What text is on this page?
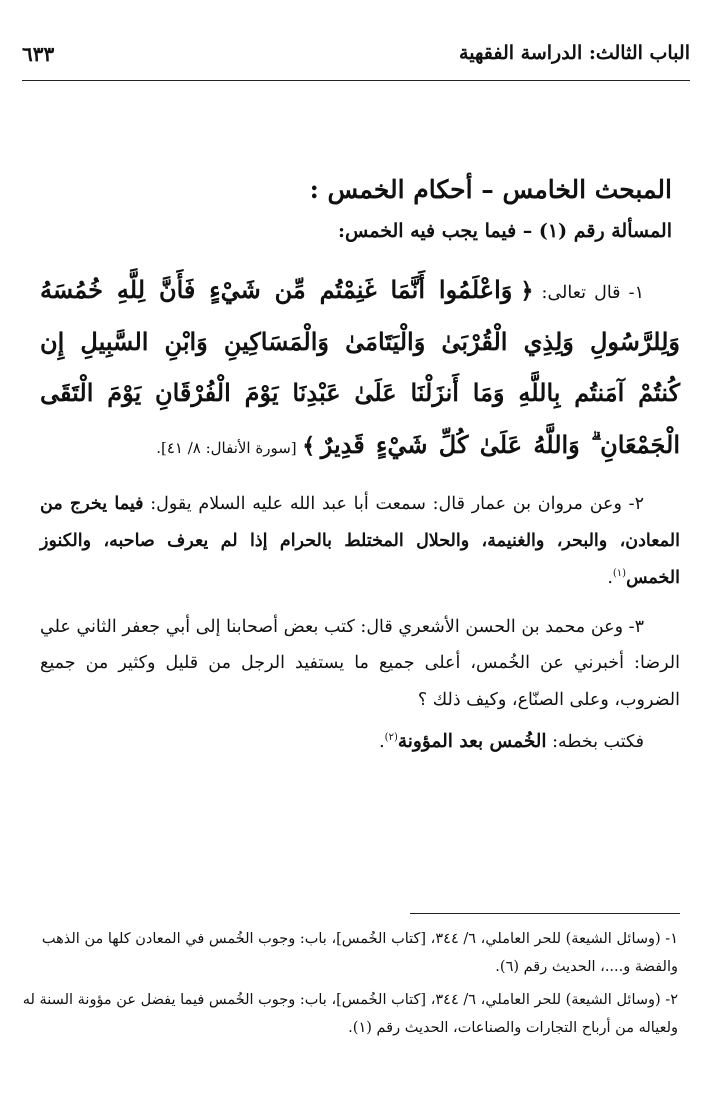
الباب الثالث: الدراسة الفقهية
٦٣٣
المبحث الخامس – أحكام الخمس :
المسألة رقم (١) – فيما يجب فيه الخمس:

١- قال تعالى: ﴿ وَاعْلَمُوا أَنَّمَا غَنِمْتُم مِّن شَيْءٍ فَأَنَّ لِلَّهِ خُمُسَهُ وَلِلرَّسُولِ وَلِذِي الْقُرْبَىٰ وَالْيَتَامَىٰ وَالْمَسَاكِينِ وَابْنِ السَّبِيلِ إِن كُنتُمْ آمَنتُم بِاللَّهِ وَمَا أَنزَلْنَا عَلَىٰ عَبْدِنَا يَوْمَ الْفُرْقَانِ يَوْمَ الْتَقَى الْجَمْعَانِ ۗ وَاللَّهُ عَلَىٰ كُلِّ شَيْءٍ قَدِيرٌ ﴾ [سورة الأنفال: ٨/ ٤١].

٢- وعن مروان بن عمار قال: سمعت أبا عبد الله عليه السلام يقول: فيما يخرج من المعادن، والبحر، والغنيمة، والحلال المختلط بالحرام إذا لم يعرف صاحبه، والكنوز الخمس$^{(١)}$.

٣- وعن محمد بن الحسن الأشعري قال: كتب بعض أصحابنا إلى أبي جعفر الثاني علي الرضا: أخبرني عن الخُمس، أعلى جميع ما يستفيد الرجل من قليل وكثير من جميع الضروب، وعلى الصنّاع، وكيف ذلك ؟

فكتب بخطه: الخُمس بعد المؤونة$^{(٢)}$.

١- (وسائل الشيعة) للحر العاملي، ٦/ ٣٤٤، [كتاب الخُمس]، باب: وجوب الخُمس في المعادن كلها من الذهب والفضة و....، الحديث رقم (٦).

٢- (وسائل الشيعة) للحر العاملي، ٦/ ٣٤٤، [كتاب الخُمس]، باب: وجوب الخُمس فيما يفضل عن مؤونة السنة له ولعياله من أرباح التجارات والصناعات، الحديث رقم (١).
